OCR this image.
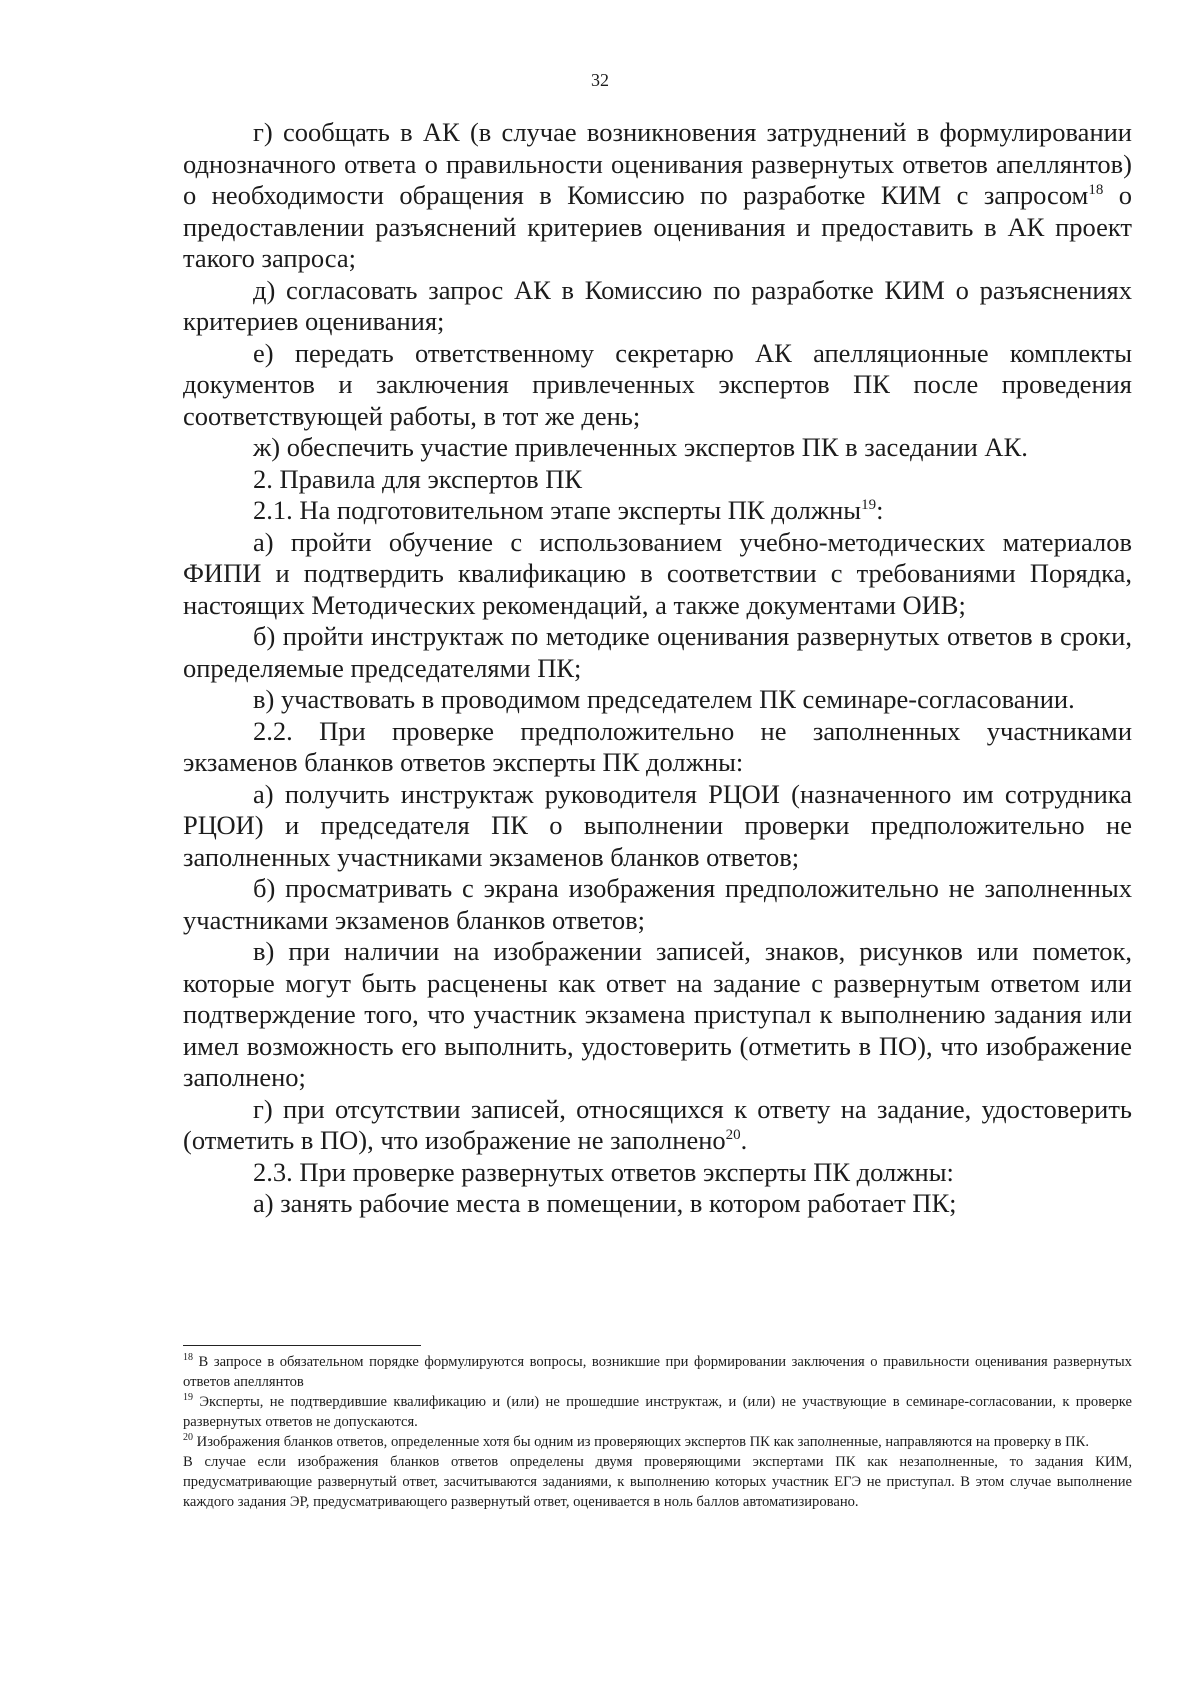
32

г) сообщать в АК (в случае возникновения затруднений в формулировании однозначного ответа о правильности оценивания развернутых ответов апеллянтов) о необходимости обращения в Комиссию по разработке КИМ с запросом$^{18}$ о предоставлении разъяснений критериев оценивания и предоставить в АК проект такого запроса;

д) согласовать запрос АК в Комиссию по разработке КИМ о разъяснениях критериев оценивания;

е) передать ответственному секретарю АК апелляционные комплекты документов и заключения привлеченных экспертов ПК после проведения соответствующей работы, в тот же день;

ж) обеспечить участие привлеченных экспертов ПК в заседании АК.

2. Правила для экспертов ПК

2.1. На подготовительном этапе эксперты ПК должны$^{19}$:

а) пройти обучение с использованием учебно-методических материалов ФИПИ и подтвердить квалификацию в соответствии с требованиями Порядка, настоящих Методических рекомендаций, а также документами ОИВ;

б) пройти инструктаж по методике оценивания развернутых ответов в сроки, определяемые председателями ПК;

в) участвовать в проводимом председателем ПК семинаре-согласовании.

2.2. При проверке предположительно не заполненных участниками экзаменов бланков ответов эксперты ПК должны:

а) получить инструктаж руководителя РЦОИ (назначенного им сотрудника РЦОИ) и председателя ПК о выполнении проверки предположительно не заполненных участниками экзаменов бланков ответов;

б) просматривать с экрана изображения предположительно не заполненных участниками экзаменов бланков ответов;

в) при наличии на изображении записей, знаков, рисунков или пометок, которые могут быть расценены как ответ на задание с развернутым ответом или подтверждение того, что участник экзамена приступал к выполнению задания или имел возможность его выполнить, удостоверить (отметить в ПО), что изображение заполнено;

г) при отсутствии записей, относящихся к ответу на задание, удостоверить (отметить в ПО), что изображение не заполнено$^{20}$.

2.3. При проверке развернутых ответов эксперты ПК должны:

а) занять рабочие места в помещении, в котором работает ПК;

$^{18}$ В запросе в обязательном порядке формулируются вопросы, возникшие при формировании заключения о правильности оценивания развернутых ответов апеллянтов

$^{19}$ Эксперты, не подтвердившие квалификацию и (или) не прошедшие инструктаж, и (или) не участвующие в семинаре-согласовании, к проверке развернутых ответов не допускаются.

$^{20}$ Изображения бланков ответов, определенные хотя бы одним из проверяющих экспертов ПК как заполненные, направляются на проверку в ПК.

В случае если изображения бланков ответов определены двумя проверяющими экспертами ПК как незаполненные, то задания КИМ, предусматривающие развернутый ответ, засчитываются заданиями, к выполнению которых участник ЕГЭ не приступал. В этом случае выполнение каждого задания ЭР, предусматривающего развернутый ответ, оценивается в ноль баллов автоматизировано.
